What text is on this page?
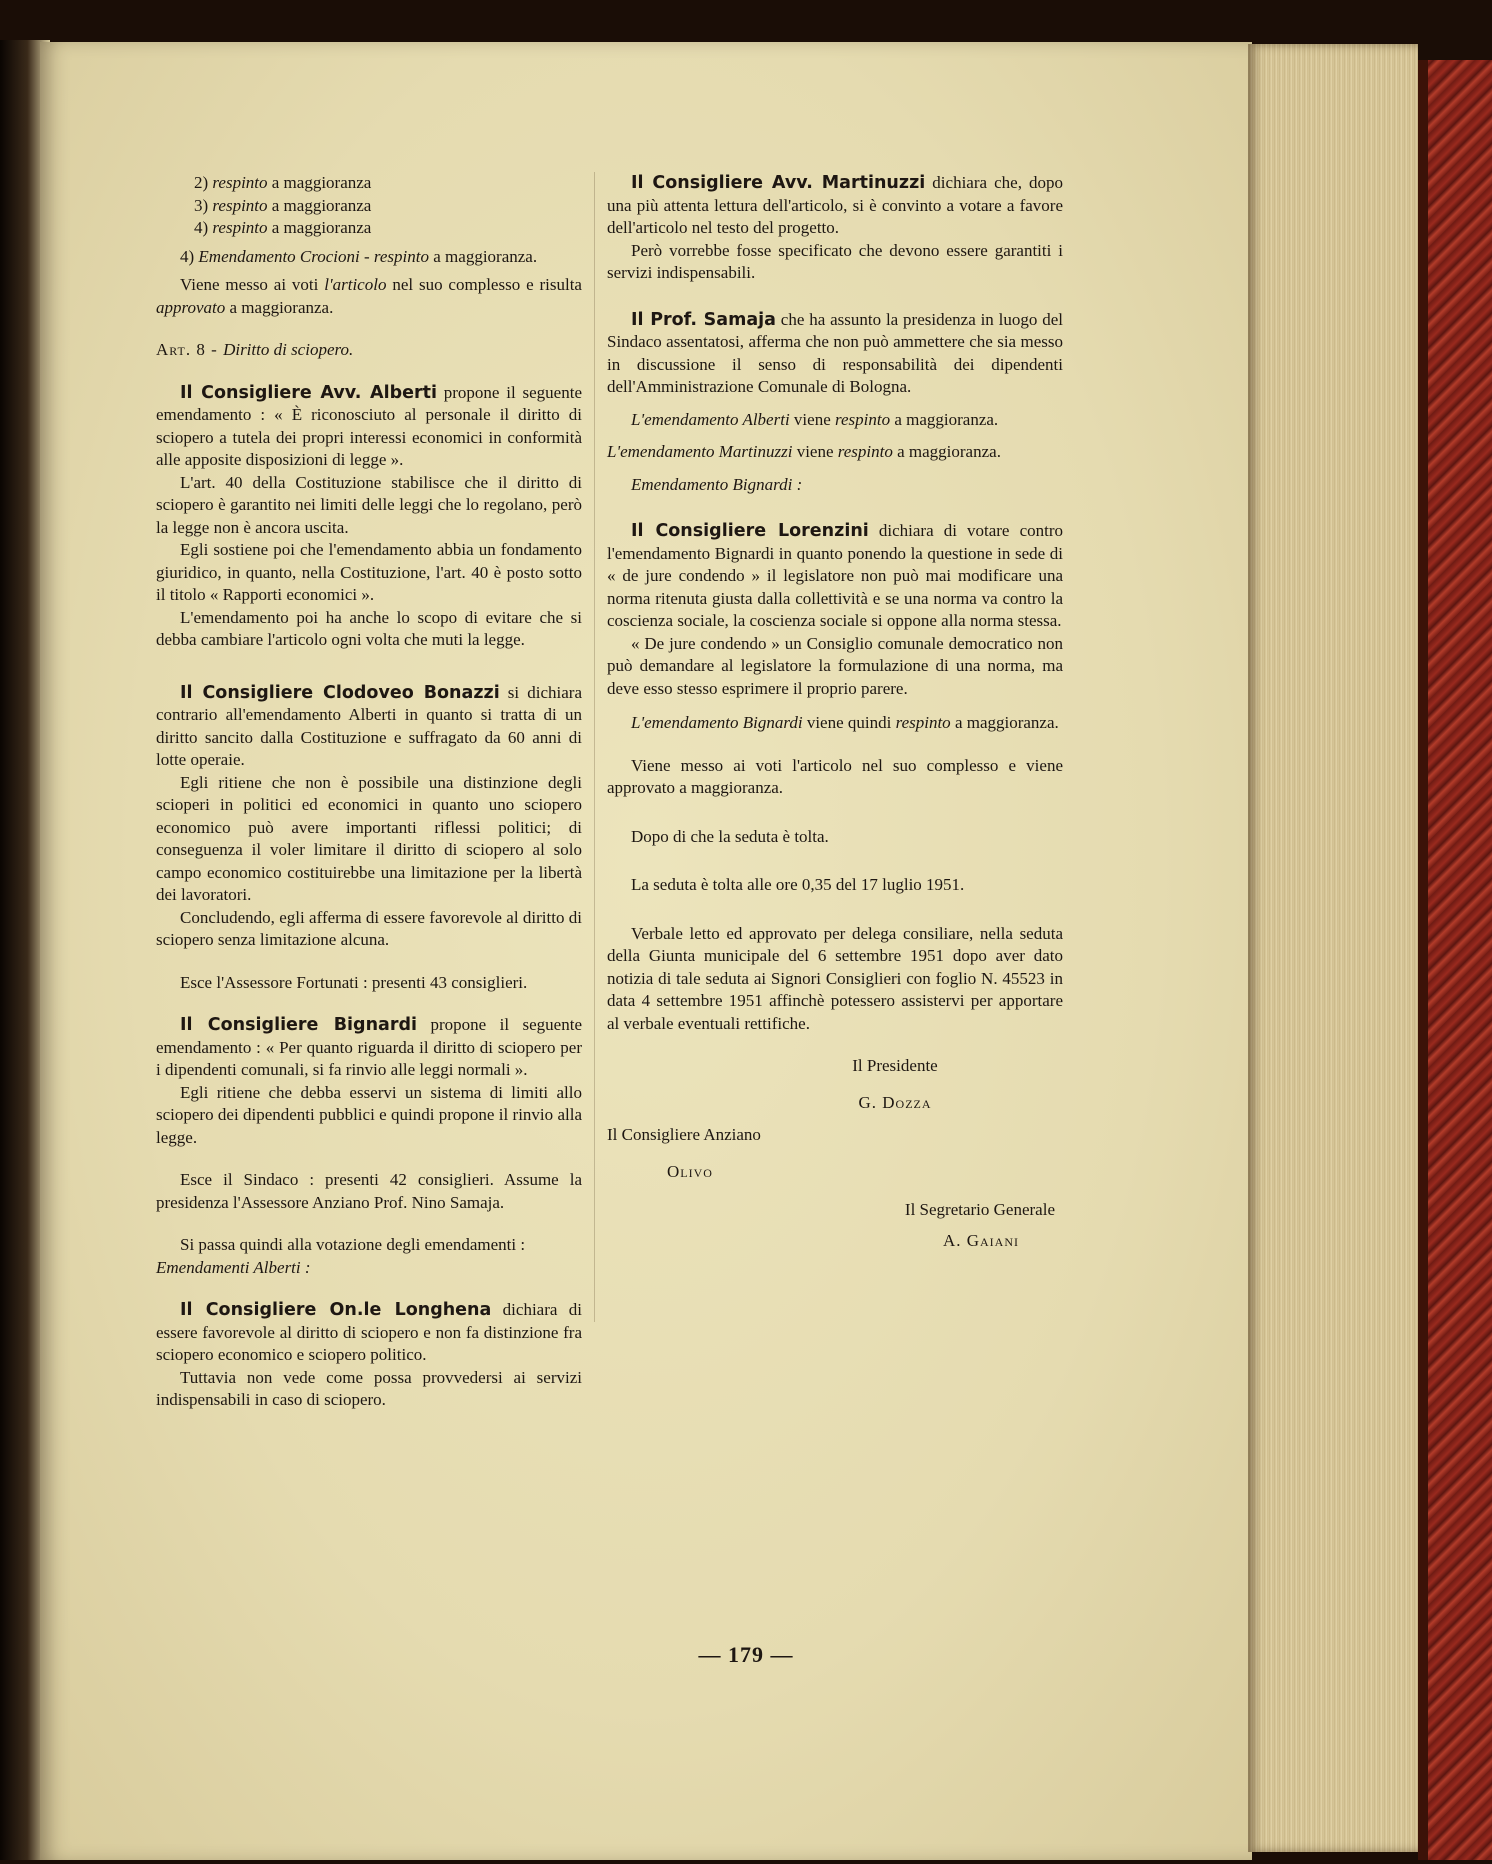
2) respinto a maggioranza

3) respinto a maggioranza

4) respinto a maggioranza

4) Emendamento Crocioni - respinto a maggioranza.

Viene messo ai voti l'articolo nel suo complesso e risulta approvato a maggioranza.

Art. 8 - Diritto di sciopero.

Il Consigliere Avv. Alberti propone il seguente emendamento : « È riconosciuto al personale il diritto di sciopero a tutela dei propri interessi economici in conformità alle apposite disposizioni di legge ».

L'art. 40 della Costituzione stabilisce che il diritto di sciopero è garantito nei limiti delle leggi che lo regolano, però la legge non è ancora uscita.

Egli sostiene poi che l'emendamento abbia un fondamento giuridico, in quanto, nella Costituzione, l'art. 40 è posto sotto il titolo « Rapporti economici ».

L'emendamento poi ha anche lo scopo di evitare che si debba cambiare l'articolo ogni volta che muti la legge.

Il Consigliere Clodoveo Bonazzi si dichiara contrario all'emendamento Alberti in quanto si tratta di un diritto sancito dalla Costituzione e suffragato da 60 anni di lotte operaie.

Egli ritiene che non è possibile una distinzione degli scioperi in politici ed economici in quanto uno sciopero economico può avere importanti riflessi politici; di conseguenza il voler limitare il diritto di sciopero al solo campo economico costituirebbe una limitazione per la libertà dei lavoratori.

Concludendo, egli afferma di essere favorevole al diritto di sciopero senza limitazione alcuna.

Esce l'Assessore Fortunati : presenti 43 consiglieri.

Il Consigliere Bignardi propone il seguente emendamento : « Per quanto riguarda il diritto di sciopero per i dipendenti comunali, si fa rinvio alle leggi normali ».

Egli ritiene che debba esservi un sistema di limiti allo sciopero dei dipendenti pubblici e quindi propone il rinvio alla legge.

Esce il Sindaco : presenti 42 consiglieri. Assume la presidenza l'Assessore Anziano Prof. Nino Samaja.

Si passa quindi alla votazione degli emendamenti :

Emendamenti Alberti :

Il Consigliere On.le Longhena dichiara di essere favorevole al diritto di sciopero e non fa distinzione fra sciopero economico e sciopero politico.

Tuttavia non vede come possa provvedersi ai servizi indispensabili in caso di sciopero.

Il Consigliere Avv. Martinuzzi dichiara che, dopo una più attenta lettura dell'articolo, si è convinto a votare a favore dell'articolo nel testo del progetto.

Però vorrebbe fosse specificato che devono essere garantiti i servizi indispensabili.

Il Prof. Samaja che ha assunto la presidenza in luogo del Sindaco assentatosi, afferma che non può ammettere che sia messo in discussione il senso di responsabilità dei dipendenti dell'Amministrazione Comunale di Bologna.

L'emendamento Alberti viene respinto a maggioranza.

L'emendamento Martinuzzi viene respinto a maggioranza.

Emendamento Bignardi :

Il Consigliere Lorenzini dichiara di votare contro l'emendamento Bignardi in quanto ponendo la questione in sede di « de jure condendo » il legislatore non può mai modificare una norma ritenuta giusta dalla collettività e se una norma va contro la coscienza sociale, la coscienza sociale si oppone alla norma stessa.

« De jure condendo » un Consiglio comunale democratico non può demandare al legislatore la formulazione di una norma, ma deve esso stesso esprimere il proprio parere.

L'emendamento Bignardi viene quindi respinto a maggioranza.

Viene messo ai voti l'articolo nel suo complesso e viene approvato a maggioranza.

Dopo di che la seduta è tolta.

La seduta è tolta alle ore 0,35 del 17 luglio 1951.

Verbale letto ed approvato per delega consiliare, nella seduta della Giunta municipale del 6 settembre 1951 dopo aver dato notizia di tale seduta ai Signori Consiglieri con foglio N. 45523 in data 4 settembre 1951 affinchè potessero assistervi per apportare al verbale eventuali rettifiche.

Il Presidente

G. Dozza

Il Consigliere Anziano

Olivo

Il Segretario Generale

A. Gaiani

— 179 —
